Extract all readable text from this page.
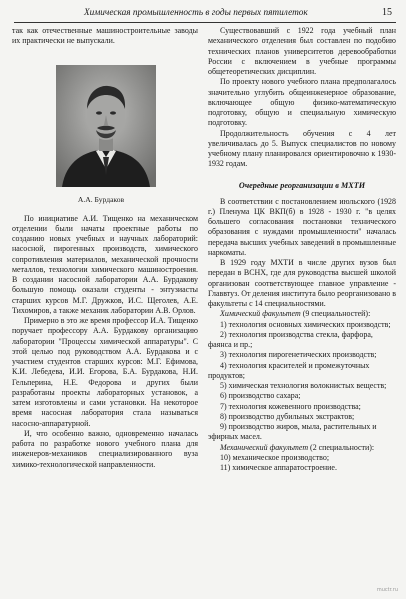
Химическая промышленность в годы первых пятилеток	15

так как отечественные машиностроительные заводы их практически не выпускали.

А.А. Бурдаков

По инициативе А.И. Тищенко на механическом отделении были начаты проектные работы по созданию новых учебных и научных лабораторий: насосной, пирогенных производств, химического сопротивления материалов, механической прочности металлов, технологии химического машиностроения. В создании насосной лаборатории А.А. Бурдакову большую помощь оказали студенты - энтузиасты старших курсов М.Г. Дружков, И.С. Щеголев, А.Е. Тихомиров, а также механик лаборатории А.В. Орлов.

Примерно в это же время профессор И.А. Тищенко поручает профессору А.А. Бурдакову организацию лаборатории "Процессы химической аппаратуры". С этой целью под руководством А.А. Бурдакова и с участием студентов старших курсов: М.Г. Ефимова, К.И. Лебедева, И.И. Егорова, Б.А. Бурдакова, Н.И. Гельперина, Н.Е. Федорова и других были разработаны проекты лабораторных установок, а затем изготовлены и сами установки. На некоторое время насосная лаборатория стала называться насосно-аппаратурной.

И, что особенно важно, одновременно началась работа по разработке нового учебного плана для инженеров-механиков специализированного вуза химико-технологической направленности.

Существовавший с 1922 года учебный план механического отделения был составлен по подобию технических планов университетов деревообработки России с включением в учебные программы общетеоретических дисциплин.

По проекту нового учебного плана предполагалось значительно углубить общеинженерное образование, включающее общую физико-математическую подготовку, общую и специальную химическую подготовку.

Продолжительность обучения с 4 лет увеличивалась до 5. Выпуск специалистов по новому учебному плану планировался ориентировочно к 1930-1932 годам.

Очередные реорганизации в МХТИ

В соответствии с постановлением июльского (1928 г.) Пленума ЦК ВКП(б) в 1928 - 1930 г. "в целях большего согласования постановки технического образования с нуждами промышленности" началась передача высших учебных заведений в промышленные наркоматы.

В 1929 году МХТИ в числе других вузов был передан в ВСНХ, где для руководства высшей школой организован соответствующее главное управление - Главвтуз. От деления института было реорганизовано в факультеты с 14 специальностями.

Химический факультет (9 специальностей):

1) технология основных химических производств;

2) технология производства стекла, фарфора, фаянса и пр.;

3) технология пирогенетических производств;

4) технология красителей и промежуточных продуктов;

5) химическая технология волокнистых веществ;

6) производство сахара;

7) технология кожевенного производства;

8) производство дубильных экстрактов;

9) производство жиров, мыла, растительных и эфирных масел.

Механический факультет (2 специальности):

10) механическое производство;

11) химическое аппаратостроение.

muctr.ru
